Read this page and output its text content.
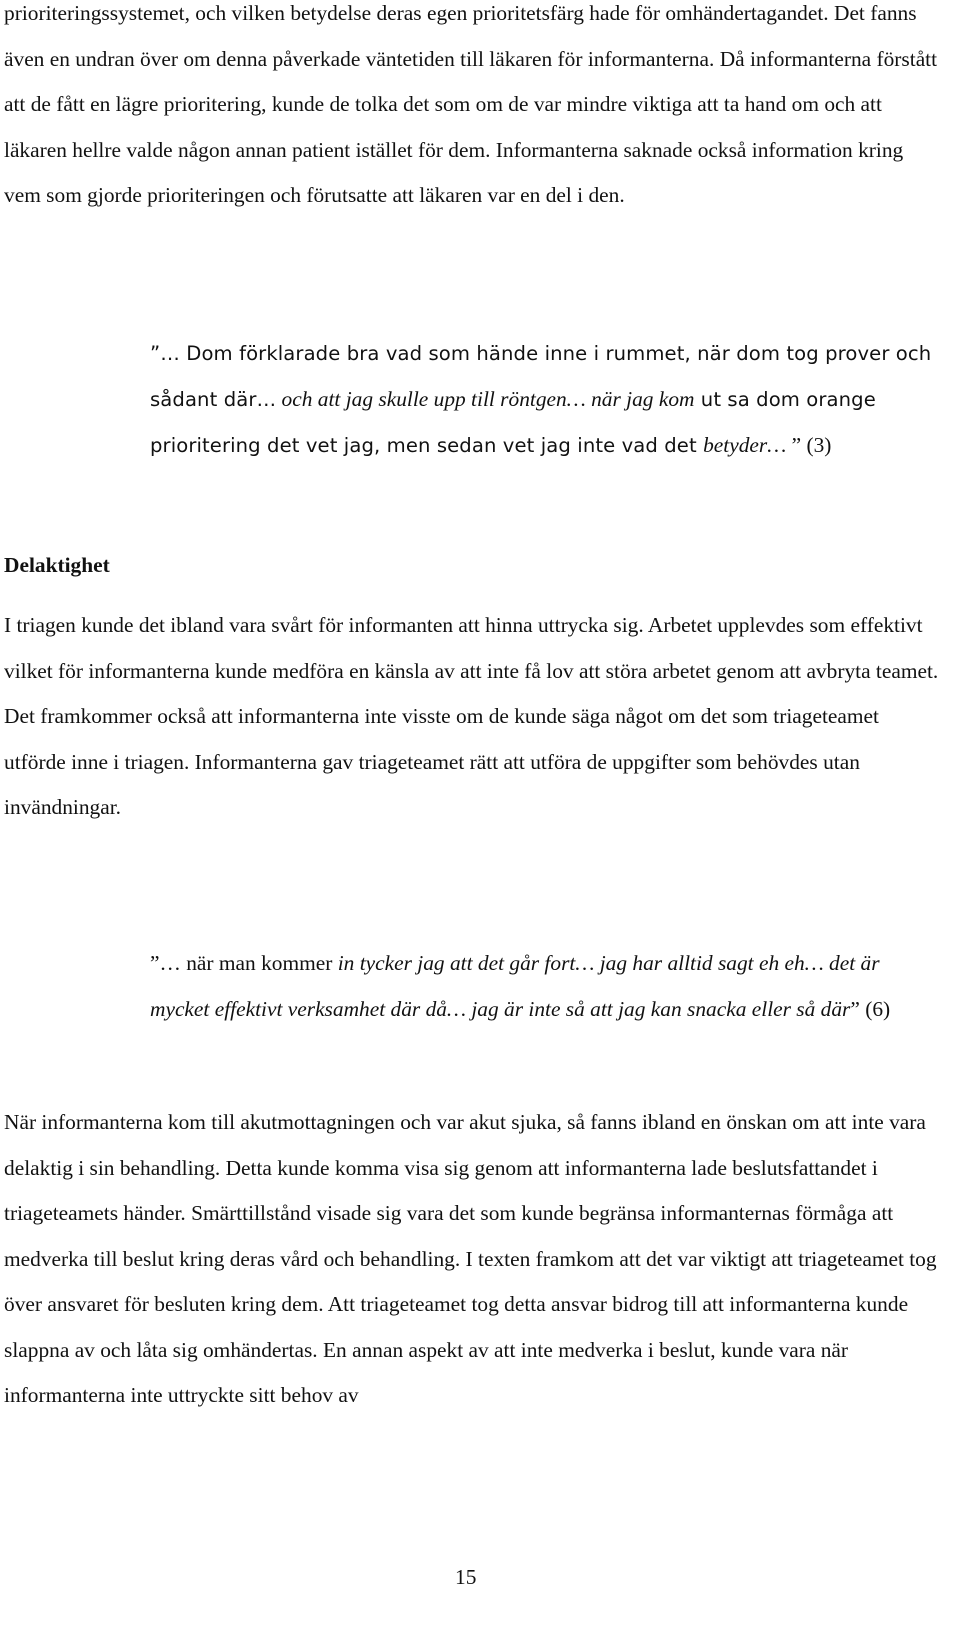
prioriteringssystemet, och vilken betydelse deras egen prioritetsfärg hade för omhändertagandet. Det fanns även en undran över om denna påverkade väntetiden till läkaren för informanterna. Då informanterna förstått att de fått en lägre prioritering, kunde de tolka det som om de var mindre viktiga att ta hand om och att läkaren hellre valde någon annan patient istället för dem. Informanterna saknade också information kring vem som gjorde prioriteringen och förutsatte att läkaren var en del i den.

”… Dom förklarade bra vad som hände inne i rummet, när dom tog prover och sådant där… och att jag skulle upp till röntgen… när jag kom ut sa dom orange prioritering det vet jag, men sedan vet jag inte vad det betyder… ” (3)

Delaktighet

I triagen kunde det ibland vara svårt för informanten att hinna uttrycka sig. Arbetet upplevdes som effektivt vilket för informanterna kunde medföra en känsla av att inte få lov att störa arbetet genom att avbryta teamet. Det framkommer också att informanterna inte visste om de kunde säga något om det som triageteamet utförde inne i triagen. Informanterna gav triageteamet rätt att utföra de uppgifter som behövdes utan invändningar.

”… när man kommer in tycker jag att det går fort… jag har alltid sagt eh eh… det är mycket effektivt verksamhet där då… jag är inte så att jag kan snacka eller så där” (6)

När informanterna kom till akutmottagningen och var akut sjuka, så fanns ibland en önskan om att inte vara delaktig i sin behandling. Detta kunde komma visa sig genom att informanterna lade beslutsfattandet i triageteamets händer. Smärttillstånd visade sig vara det som kunde begränsa informanternas förmåga att medverka till beslut kring deras vård och behandling. I texten framkom att det var viktigt att triageteamet tog över ansvaret för besluten kring dem. Att triageteamet tog detta ansvar bidrog till att informanterna kunde slappna av och låta sig omhändertas. En annan aspekt av att inte medverka i beslut, kunde vara när informanterna inte uttryckte sitt behov av

15
